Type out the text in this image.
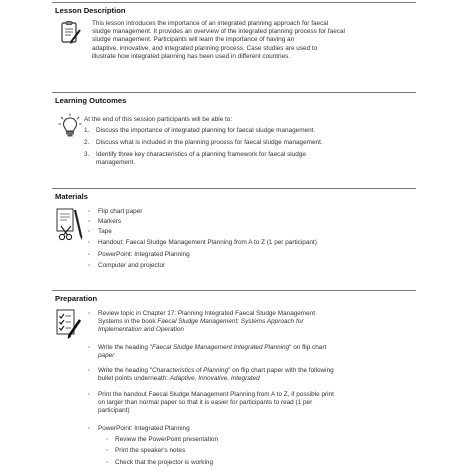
Lesson Description
This lesson introduces the importance of an integrated planning approach for faecal
sludge management. It provides an overview of the integrated planning process for faecal
sludge management. Participants will learn the importance of having an
adaptive, innovative, and integrated planning process. Case studies are used to
illustrate how integrated planning has been used in different countries.
Learning Outcomes
At the end of this session participants will be able to:
1. Discuss the importance of integrated planning for faecal sludge management.
2. Discuss what is included in the planning process for faecal sludge management.
3. Identify three key characteristics of a planning framework for faecal sludge
management.
Materials
◦ Flip chart paper
◦ Markers
◦ Tape
◦ Handout: Faecal Sludge Management Planning from A to Z (1 per participant)
◦ PowerPoint: Integrated Planning
◦ Computer and projector
Preparation
◦ Review topic in Chapter 17: Planning Integrated Faecal Sludge Management
Systems in the book Faecal Sludge Management: Systems Approach for
Implementation and Operation
◦ Write the heading "Faecal Sludge Management Integrated Planning" on flip chart
paper
◦ Write the heading "Characteristics of Planning" on flip chart paper with the following
bullet points underneath: Adaptive, Innovative, Integrated
◦ Print the handout Faecal Sludge Management Planning from A to Z, if possible print
on larger than normal paper so that it is easier for participants to read (1 per
participant)
◦ PowerPoint: Integrated Planning
◦ Review the PowerPoint presentation
◦ Print the speaker's notes
◦ Check that the projector is working
